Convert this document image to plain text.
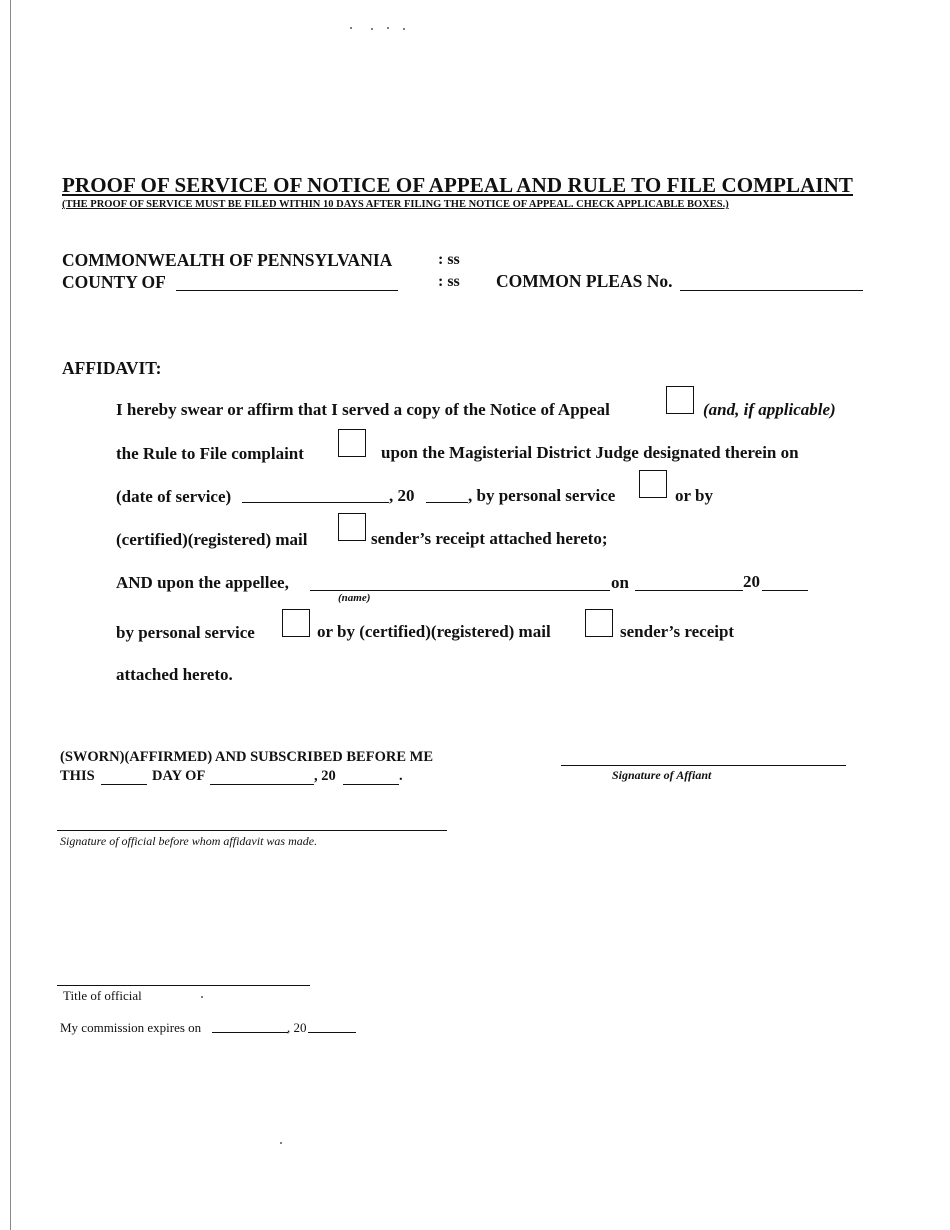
PROOF OF SERVICE OF NOTICE OF APPEAL AND RULE TO FILE COMPLAINT
(THE PROOF OF SERVICE MUST BE FILED WITHIN 10 DAYS AFTER FILING THE NOTICE OF APPEAL. CHECK APPLICABLE BOXES.)
COMMONWEALTH OF PENNSYLVANIA
COUNTY OF
: ss
: ss COMMON PLEAS No.
AFFIDAVIT:
I hereby swear or affirm that I served a copy of the Notice of Appeal	(and, if applicable)
the Rule to File complaint	upon the Magisterial District Judge designated therein on
(date of service)	, 20	, by personal service	or by
(certified)(registered) mail	sender’s receipt attached hereto;
AND upon the appellee,
(name)
on	20
by personal service	or by (certified)(registered) mail	sender’s receipt
attached hereto.
(SWORN)(AFFIRMED) AND SUBSCRIBED BEFORE ME
THIS	DAY OF	, 20	.	Signature of Affiant
Signature of official before whom affidavit was made.
Title of official
My commission expires on	, 20
